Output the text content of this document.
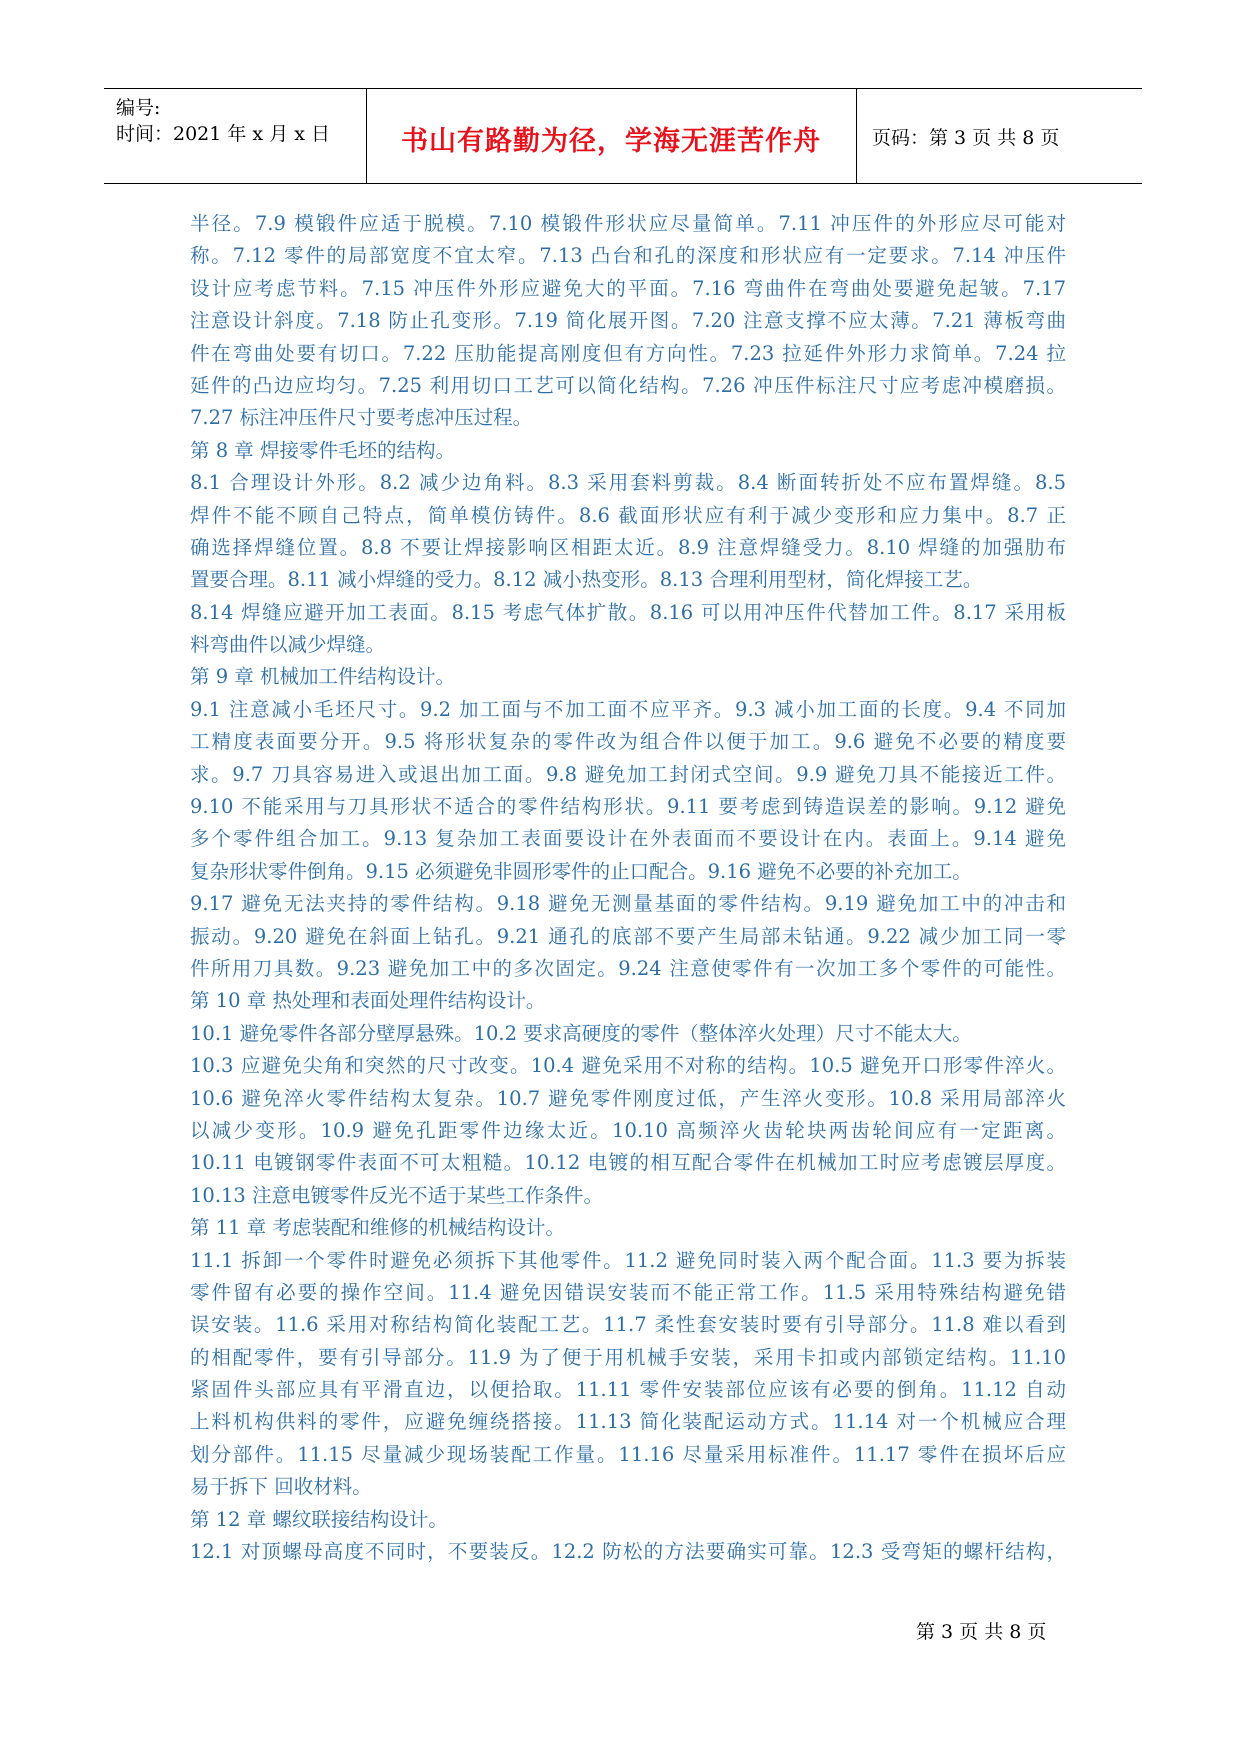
编号:
时间：2021 年 x 月 x 日	书山有路勤为径，学海无涯苦作舟	页码：第 3 页 共 8 页
半径。7.9 模锻件应适于脱模。7.10 模锻件形状应尽量简单。7.11 冲压件的外形应尽可能对
称。7.12 零件的局部宽度不宜太窄。7.13 凸台和孔的深度和形状应有一定要求。7.14 冲压件
设计应考虑节料。7.15 冲压件外形应避免大的平面。7.16 弯曲件在弯曲处要避免起皱。7.17
注意设计斜度。7.18 防止孔变形。7.19 简化展开图。7.20 注意支撑不应太薄。7.21 薄板弯曲
件在弯曲处要有切口。7.22 压肋能提高刚度但有方向性。7.23 拉延件外形力求简单。7.24 拉
延件的凸边应均匀。7.25 利用切口工艺可以简化结构。7.26 冲压件标注尺寸应考虑冲模磨损。
7.27 标注冲压件尺寸要考虑冲压过程。
第 8 章 焊接零件毛坯的结构。
8.1 合理设计外形。8.2 减少边角料。8.3 采用套料剪裁。8.4 断面转折处不应布置焊缝。8.5
焊件不能不顾自己特点，简单模仿铸件。8.6 截面形状应有利于减少变形和应力集中。8.7 正
确选择焊缝位置。8.8 不要让焊接影响区相距太近。8.9 注意焊缝受力。8.10 焊缝的加强肋布
置要合理。8.11 减小焊缝的受力。8.12 减小热变形。8.13 合理利用型材，简化焊接工艺。
8.14 焊缝应避开加工表面。8.15 考虑气体扩散。8.16 可以用冲压件代替加工件。8.17 采用板
料弯曲件以减少焊缝。
第 9 章 机械加工件结构设计。
9.1 注意减小毛坯尺寸。9.2 加工面与不加工面不应平齐。9.3 减小加工面的长度。9.4 不同加
工精度表面要分开。9.5 将形状复杂的零件改为组合件以便于加工。9.6 避免不必要的精度要
求。9.7 刀具容易进入或退出加工面。9.8 避免加工封闭式空间。9.9 避免刀具不能接近工件。
9.10 不能采用与刀具形状不适合的零件结构形状。9.11 要考虑到铸造误差的影响。9.12 避免
多个零件组合加工。9.13 复杂加工表面要设计在外表面而不要设计在内。表面上。9.14 避免
复杂形状零件倒角。9.15 必须避免非圆形零件的止口配合。9.16 避免不必要的补充加工。
9.17 避免无法夹持的零件结构。9.18 避免无测量基面的零件结构。9.19 避免加工中的冲击和
振动。9.20 避免在斜面上钻孔。9.21 通孔的底部不要产生局部未钻通。9.22 减少加工同一零
件所用刀具数。9.23 避免加工中的多次固定。9.24 注意使零件有一次加工多个零件的可能性。
第 10 章 热处理和表面处理件结构设计。
10.1 避免零件各部分壁厚悬殊。10.2 要求高硬度的零件（整体淬火处理）尺寸不能太大。
10.3 应避免尖角和突然的尺寸改变。10.4 避免采用不对称的结构。10.5 避免开口形零件淬火。
10.6 避免淬火零件结构太复杂。10.7 避免零件刚度过低，产生淬火变形。10.8 采用局部淬火
以减少变形。10.9 避免孔距零件边缘太近。10.10 高频淬火齿轮块两齿轮间应有一定距离。
10.11 电镀钢零件表面不可太粗糙。10.12 电镀的相互配合零件在机械加工时应考虑镀层厚度。
10.13 注意电镀零件反光不适于某些工作条件。
第 11 章 考虑装配和维修的机械结构设计。
11.1 拆卸一个零件时避免必须拆下其他零件。11.2 避免同时装入两个配合面。11.3 要为拆装
零件留有必要的操作空间。11.4 避免因错误安装而不能正常工作。11.5 采用特殊结构避免错
误安装。11.6 采用对称结构简化装配工艺。11.7 柔性套安装时要有引导部分。11.8 难以看到
的相配零件，要有引导部分。11.9 为了便于用机械手安装，采用卡扣或内部锁定结构。11.10
紧固件头部应具有平滑直边，以便拾取。11.11 零件安装部位应该有必要的倒角。11.12 自动
上料机构供料的零件，应避免缠绕搭接。11.13 简化装配运动方式。11.14 对一个机械应合理
划分部件。11.15 尽量减少现场装配工作量。11.16 尽量采用标准件。11.17 零件在损坏后应
易于拆下 回收材料。
第 12 章 螺纹联接结构设计。
12.1 对顶螺母高度不同时，不要装反。12.2 防松的方法要确实可靠。12.3 受弯矩的螺杆结构，
第 3 页 共 8 页
